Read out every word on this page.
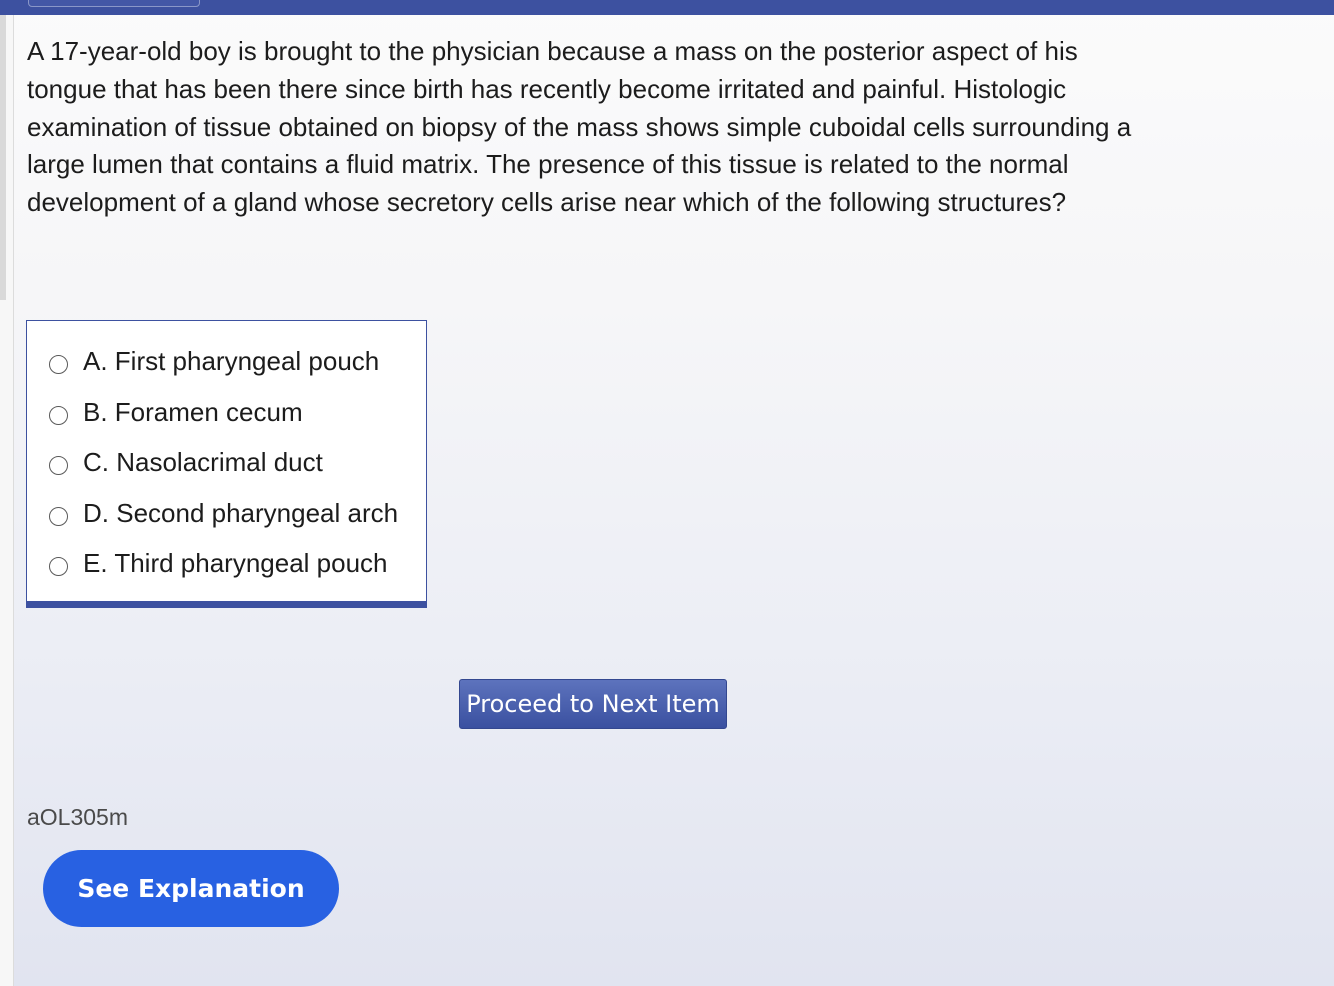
A 17-year-old boy is brought to the physician because a mass on the posterior aspect of his tongue that has been there since birth has recently become irritated and painful. Histologic examination of tissue obtained on biopsy of the mass shows simple cuboidal cells surrounding a large lumen that contains a fluid matrix. The presence of this tissue is related to the normal development of a gland whose secretory cells arise near which of the following structures?

A. First pharyngeal pouch
B. Foramen cecum
C. Nasolacrimal duct
D. Second pharyngeal arch
E. Third pharyngeal pouch
Proceed to Next Item
aOL305m
See Explanation
